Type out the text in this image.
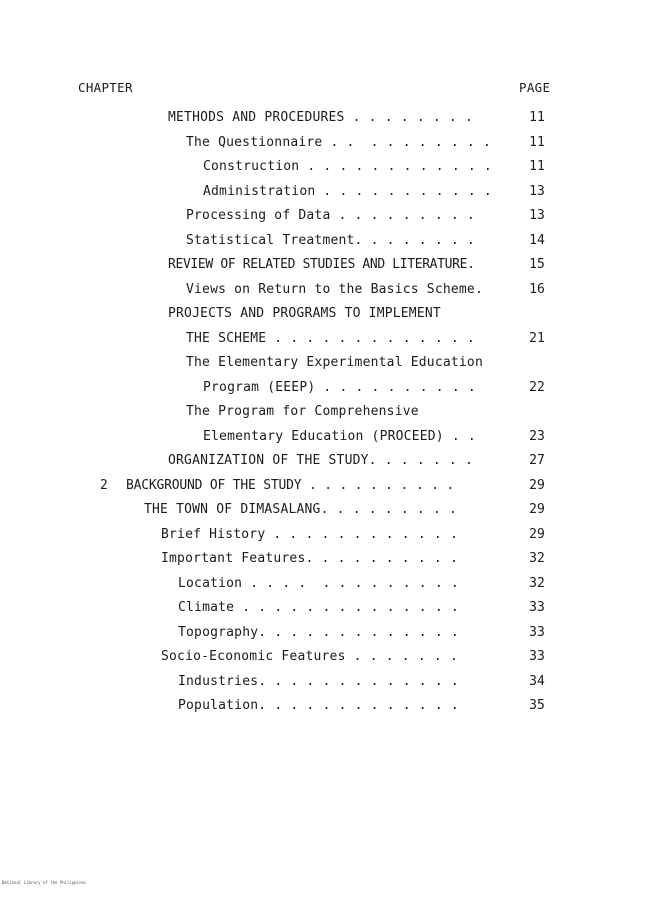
CHAPTER	PAGE
METHODS AND PROCEDURES . . . . . . . .	11
The Questionnaire . .  . . . . . . . .	11
Construction . . . . . . . . . . . .	11
Administration . . . . . . . . . . .	13
Processing of Data . . . . . . . . .	13
Statistical Treatment. . . . . . . .	14
REVIEW OF RELATED STUDIES AND LITERATURE.	15
Views on Return to the Basics Scheme.	16
PROJECTS AND PROGRAMS TO IMPLEMENT
THE SCHEME . . . . . . . . . . . . .	21
The Elementary Experimental Education
Program (EEEP) . . . . . . . . . .	22
The Program for Comprehensive
Elementary Education (PROCEED) . .	23
ORGANIZATION OF THE STUDY. . . . . . .	27
2 BACKGROUND OF THE STUDY . . . . . . . . . .	29
THE TOWN OF DIMASALANG. . . . . . . . .	29
Brief History . . . . . . . . . . . .	29
Important Features. . . . . . . . . .	32
Location . . . .  . . . . . . . . .	32
Climate . . . . . . . . . . . . . .	33
Topography. . . . . . . . . . . . .	33
Socio-Economic Features . . . . . . .	33
Industries. . . . . . . . . . . . .	34
Population. . . . . . . . . . . . .	35
National Library of the Philippines
